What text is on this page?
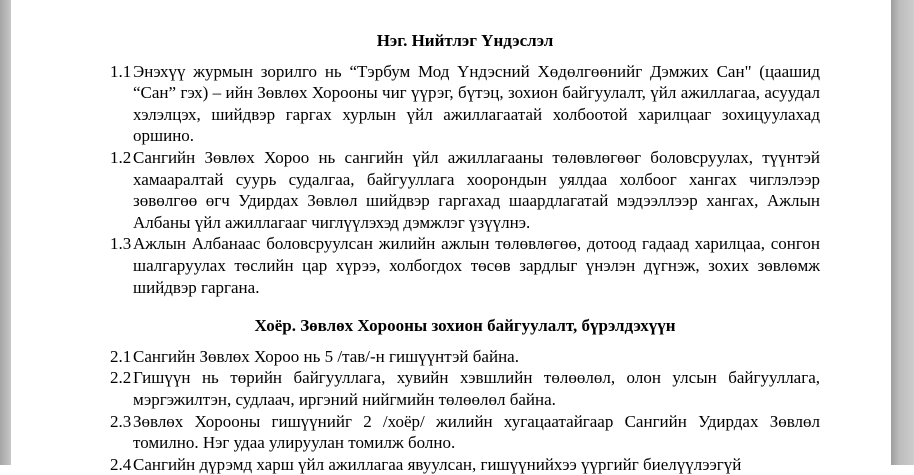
Нэг. Нийтлэг Үндэслэл
1.1 Энэхүү журмын зорилго нь “Тэрбум Мод Үндэсний Хөдөлгөөнийг Дэмжих Сан" (цаашид “Сан” гэх) – ийн Зөвлөх Хорооны чиг үүрэг, бүтэц, зохион байгуулалт, үйл ажиллагаа, асуудал хэлэлцэх, шийдвэр гаргах хурлын үйл ажиллагаатай холбоотой харилцааг зохицуулахад оршино.
1.2 Сангийн Зөвлөх Хороо нь сангийн үйл ажиллагааны төлөвлөгөөг боловсруулах, түүнтэй хамааралтай суурь судалгаа, байгууллага хоорондын уялдаа холбоог хангах чиглэлээр зөвөлгөө өгч Удирдах Зөвлөл шийдвэр гаргахад шаардлагатай мэдээллээр хангах, Ажлын Албаны үйл ажиллагааг чиглүүлэхэд дэмжлэг үзүүлнэ.
1.3 Ажлын Албанаас боловсруулсан жилийн ажлын төлөвлөгөө, дотоод гадаад харилцаа, сонгон шалгаруулах төслийн цар хүрээ, холбогдох төсөв зардлыг үнэлэн дүгнэж, зохих зөвлөмж шийдвэр гаргана.
Хоёр. Зөвлөх Хорооны зохион байгуулалт, бүрэлдэхүүн
2.1 Сангийн Зөвлөх Хороо нь 5 /тав/-н гишүүнтэй байна.
2.2 Гишүүн нь төрийн байгууллага, хувийн хэвшлийн төлөөлөл, олон улсын байгууллага, мэргэжилтэн, судлаач, иргэний нийгмийн төлөөлөл байна.
2.3 Зөвлөх Хорооны гишүүнийг 2 /хоёр/ жилийн хугацаатайгаар Сангийн Удирдах Зөвлөл томилно. Нэг удаа улируулан томилж болно.
2.4 Сангийн дүрэмд харш үйл ажиллагаа явуулсан, гишүүнийхээ үүргийг биелүүлээгүй
